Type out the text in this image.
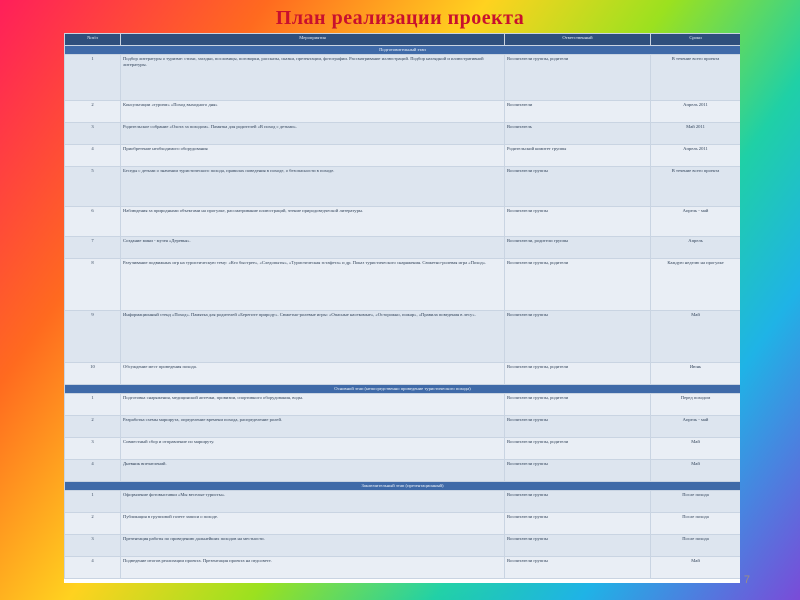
План реализации проекта
№п/п	Мероприятия	Ответственный	Сроки
Подготовительный этап			
1	Подбор литературы о туризме: стихи, загадки, пословицы, поговорки, рассказы, сказки, презентации, фотографии. Рассматривание иллюстраций. Подбор наглядной и иллюстративной литературы.	Воспитатели группы, родители	В течение всего проекта
2	Консультации «туризм» «Поход выходного дня»	Воспитатели	Апрель 2011
3	Родительское собрание «Охота за походом». Памятка для родителей «В поход с детьми».	Воспитатель	Май 2011
4	Приобретение необходимого оборудования	Родительский комитет группы	Апрель 2011
5	Беседы с детьми о значении туристического похода, правилах поведения в походе, о безопасности в походе.	Воспитатели группы	В течение всего проекта
6	Наблюдения за природными объектами на прогулке, рассматривание иллюстраций, чтение природоведческой литературы.	Воспитатели группы	Апрель - май
7	Создание мини - музея «Деревья».	Воспитатели, родители группы	Апрель
8	Разучивание подвижных игр на туристическую тему: «Кто быстрее», «Следопыты», «Туристическая эстафета» и др. Показ туристического снаряжения. Сюжетно-ролевая игра «Поход».	Воспитатели группы, родители	Каждую неделю на прогулке
9	Информационный стенд «Поход». Памятка для родителей «Берегите природу». Сюжетно-ролевые игры: «Опасные насекомые», «Осторожно, пожар», «Правила поведения в лесу».	Воспитатели группы	Май
10	Обсуждение мест проведения похода.	Воспитатели группы, родители	Июнь
Основной этап (непосредственно проведение туристического похода)			
1	Подготовка снаряжения, медицинской аптечки, провизии, спортивного оборудования, воды.	Воспитатели группы, родители	Перед походом
2	Разработка схемы маршрута, определение времени похода, распределение ролей.	Воспитатели группы	Апрель - май
3	Совместный сбор и отправление по маршруту.	Воспитатели группы, родители	Май
4	Дневник впечатлений.	Воспитатели группы	Май
Заключительный этап (презентационный)			
1	Оформление фотовыставки «Мы веселые туристы».	Воспитатели группы	После похода
2	Публикация в групповой газете записи о походе.	Воспитатели группы	После похода
3	Презентация работы по проведению дальнейших походов на местности.	Воспитатели группы	После похода
4	Подведение итогов реализации проекта. Презентация проекта на педсовете.	Воспитатели группы	Май
7
